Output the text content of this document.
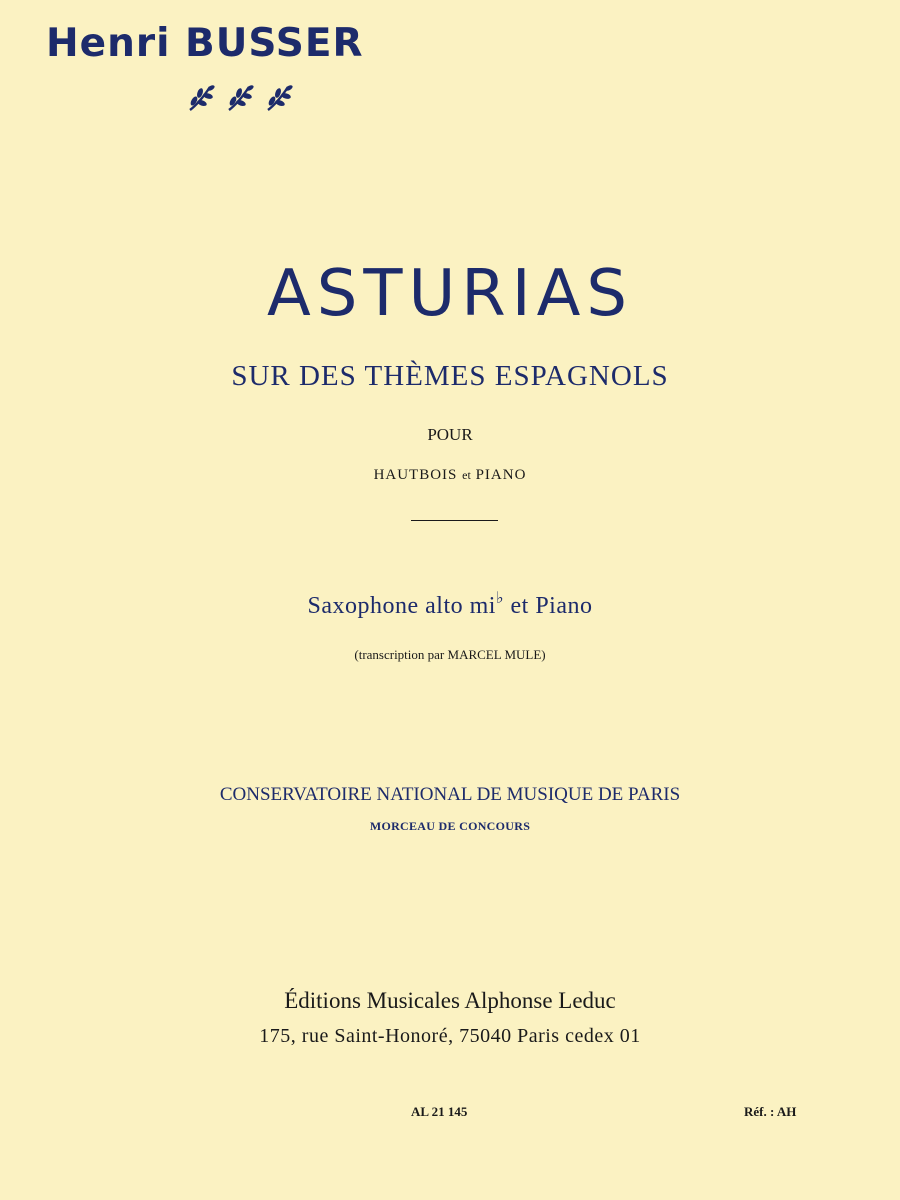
Henri BUSSER
ASTURIAS
SUR DES THÈMES ESPAGNOLS
POUR
HAUTBOIS et PIANO
Saxophone alto mi♭ et Piano
(transcription par MARCEL MULE)
CONSERVATOIRE NATIONAL DE MUSIQUE DE PARIS
MORCEAU DE CONCOURS
Éditions Musicales Alphonse Leduc
175, rue Saint-Honoré, 75040 Paris cedex 01
AL 21 145	Réf. : AH
